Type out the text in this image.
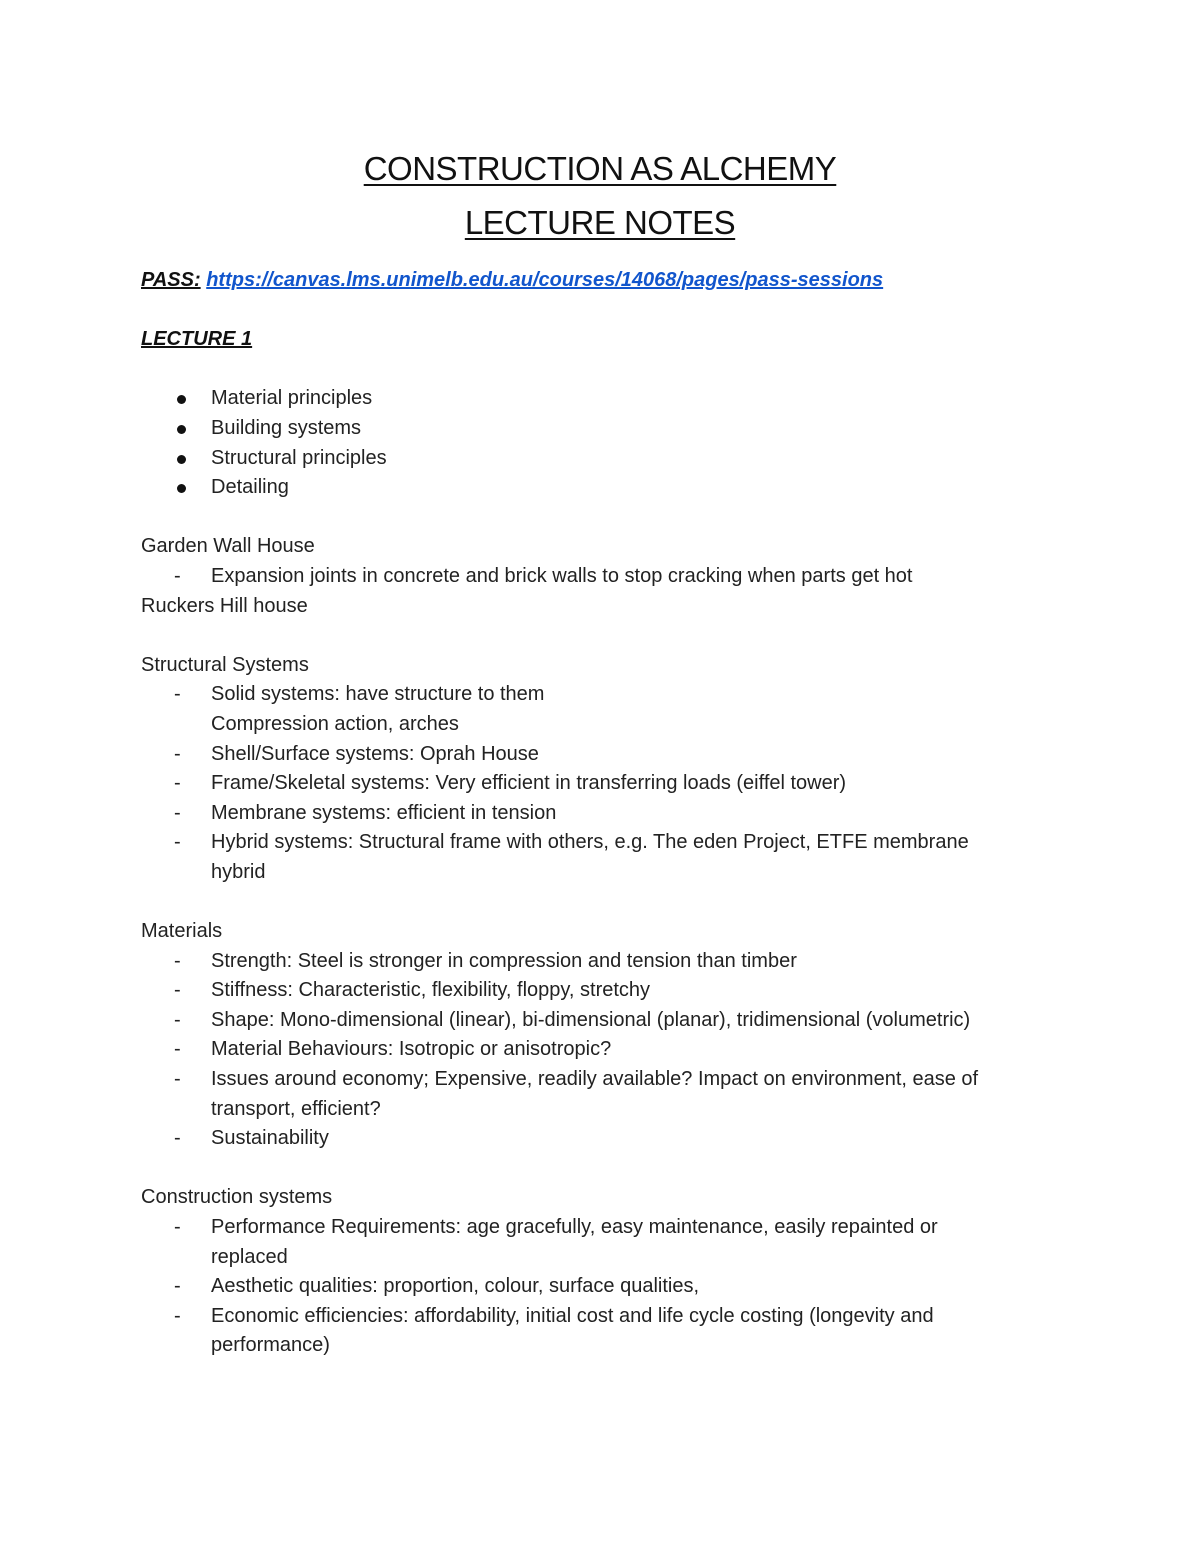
CONSTRUCTION AS ALCHEMY
LECTURE NOTES
PASS: https://canvas.lms.unimelb.edu.au/courses/14068/pages/pass-sessions
LECTURE 1
Material principles
Building systems
Structural principles
Detailing
Garden Wall House
- Expansion joints in concrete and brick walls to stop cracking when parts get hot
Ruckers Hill house
Structural Systems
- Solid systems: have structure to them
Compression action, arches
- Shell/Surface systems: Oprah House
- Frame/Skeletal systems: Very efficient in transferring loads (eiffel tower)
- Membrane systems: efficient in tension
- Hybrid systems: Structural frame with others, e.g. The eden Project, ETFE membrane
hybrid
Materials
- Strength: Steel is stronger in compression and tension than timber
- Stiffness: Characteristic, flexibility, floppy, stretchy
- Shape: Mono-dimensional (linear), bi-dimensional (planar), tridimensional (volumetric)
- Material Behaviours: Isotropic or anisotropic?
- Issues around economy; Expensive, readily available? Impact on environment, ease of
transport, efficient?
- Sustainability
Construction systems
- Performance Requirements: age gracefully, easy maintenance, easily repainted or
replaced
- Aesthetic qualities: proportion, colour, surface qualities,
- Economic efficiencies: affordability, initial cost and life cycle costing (longevity and
performance)
